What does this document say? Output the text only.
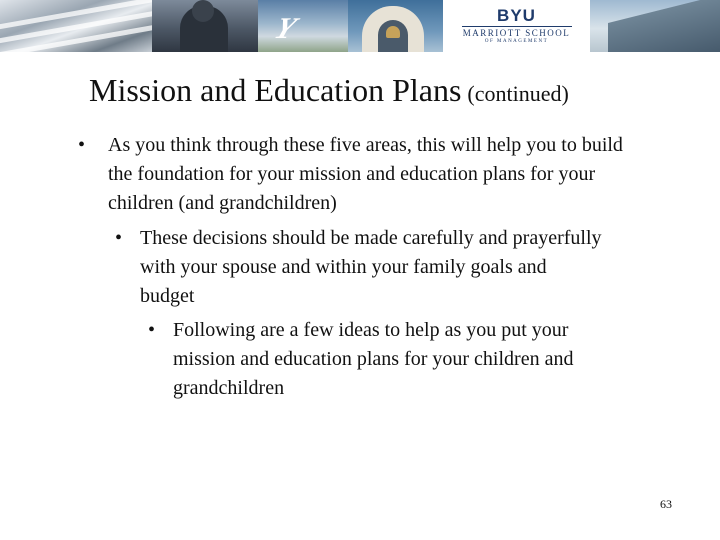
Y	BYU
MARRIOTT SCHOOL
OF MANAGEMENT
Mission and Education Plans (continued)
•	As you think through these five areas, this will help you to build the foundation for your mission and education plans for your children (and grandchildren)
• These decisions should be made carefully and prayerfully with your spouse and within your family goals and budget
• Following are a few ideas to help as you put your mission and education plans for your children and grandchildren
63
